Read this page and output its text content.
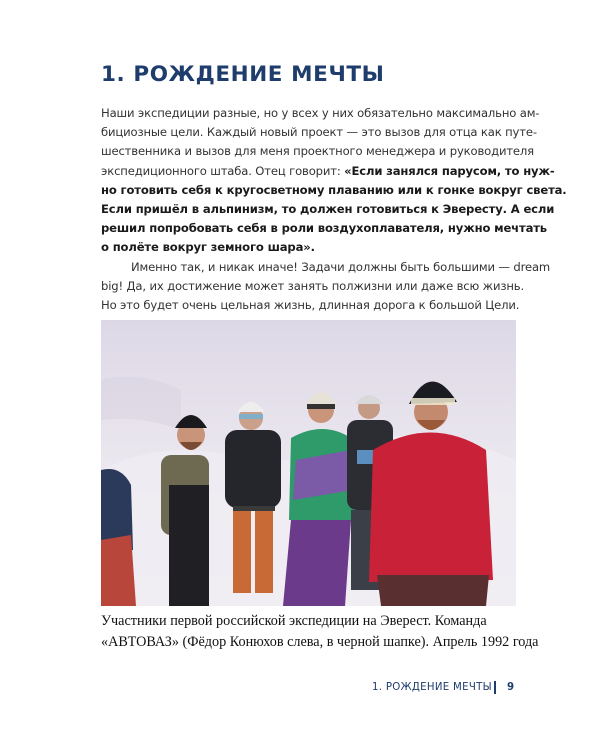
1. РОЖДЕНИЕ МЕЧТЫ

Наши экспедиции разные, но у всех у них обязательно максимально ам-
бициозные цели. Каждый новый проект — это вызов для отца как путе-
шественника и вызов для меня проектного менеджера и руководителя
экспедиционного штаба. Отец говорит: «Если занялся парусом, то нуж-
но готовить себя к кругосветному плаванию или к гонке вокруг света.
Если пришёл в альпинизм, то должен готовиться к Эвересту. А если
решил попробовать себя в роли воздухоплавателя, нужно мечтать
о полёте вокруг земного шара».

Именно так, и никак иначе! Задачи должны быть большими — dream
big! Да, их достижение может занять полжизни или даже всю жизнь.
Но это будет очень цельная жизнь, длинная дорога к большой Цели.

Участники первой российской экспедиции на Эверест. Команда
«АВТОВАЗ» (Фёдор Конюхов слева, в черной шапке). Апрель 1992 года
1. РОЖДЕНИЕ МЕЧТЫ 9
